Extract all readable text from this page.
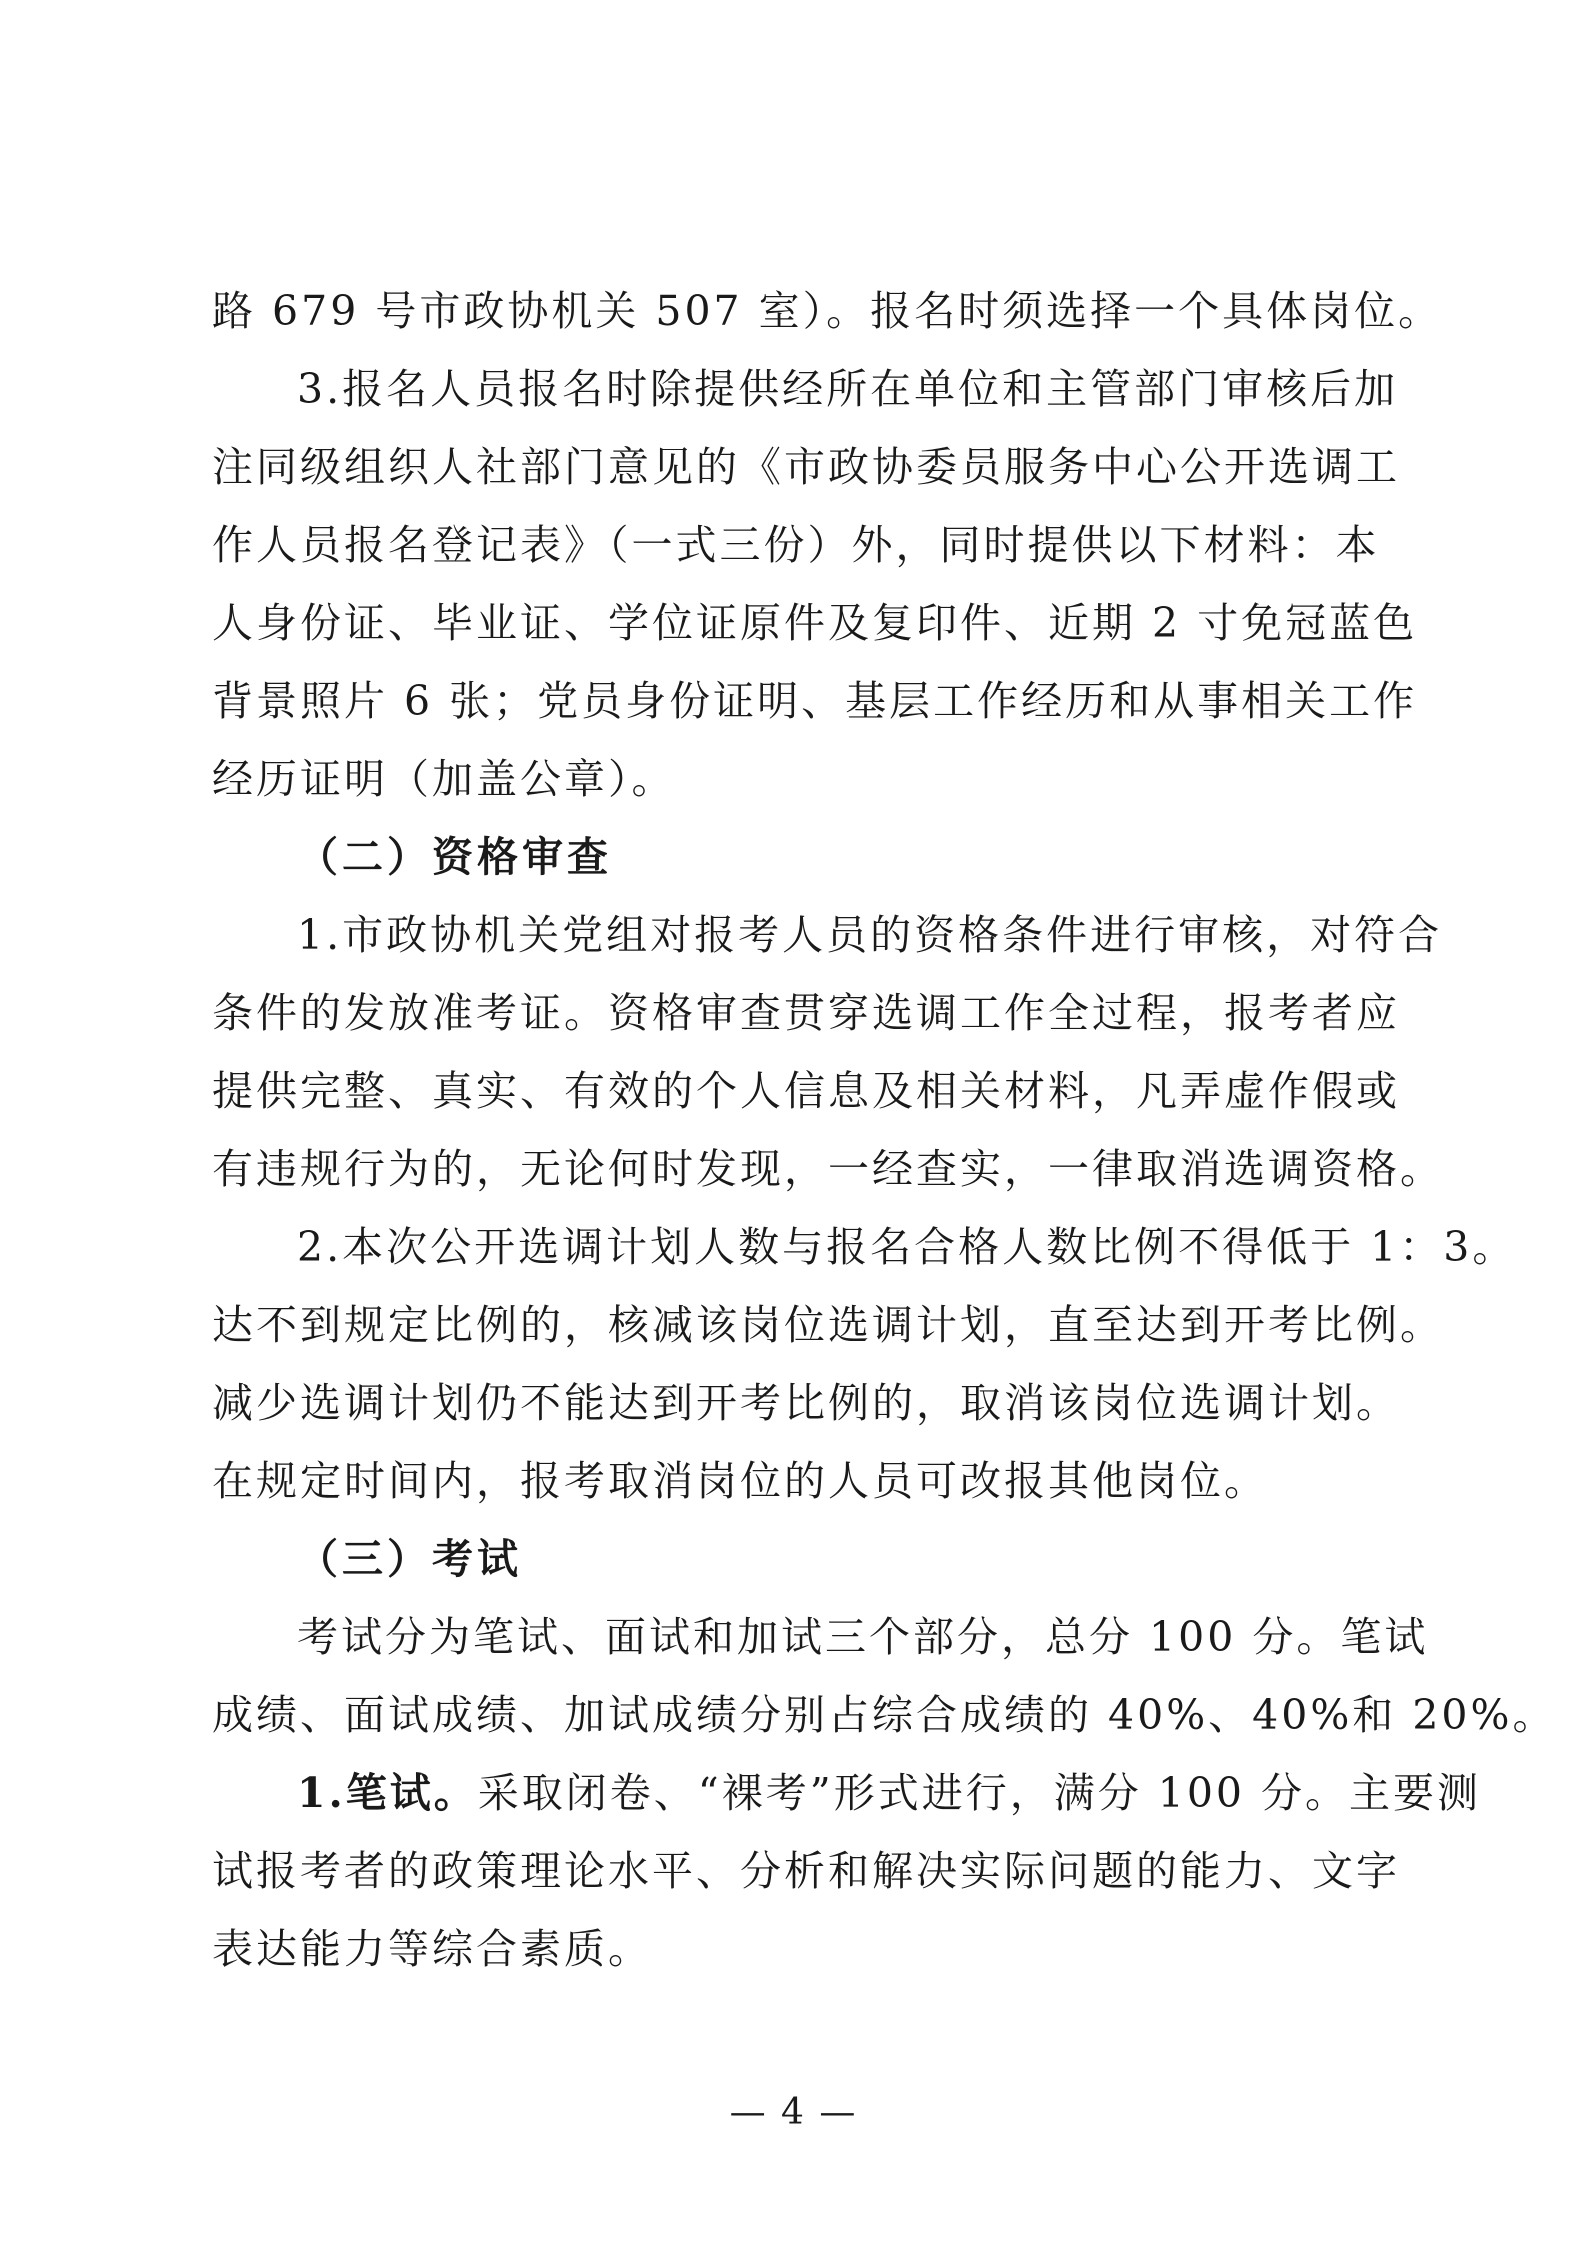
路 679 号市政协机关 507 室）。报名时须选择一个具体岗位。
3.报名人员报名时除提供经所在单位和主管部门审核后加
注同级组织人社部门意见的《市政协委员服务中心公开选调工
作人员报名登记表》（一式三份）外，同时提供以下材料：本
人身份证、毕业证、学位证原件及复印件、近期 2 寸免冠蓝色
背景照片 6 张；党员身份证明、基层工作经历和从事相关工作
经历证明（加盖公章）。
（二）资格审查
1.市政协机关党组对报考人员的资格条件进行审核，对符合
条件的发放准考证。资格审查贯穿选调工作全过程，报考者应
提供完整、真实、有效的个人信息及相关材料，凡弄虚作假或
有违规行为的，无论何时发现，一经查实，一律取消选调资格。
2.本次公开选调计划人数与报名合格人数比例不得低于 1：3。
达不到规定比例的，核减该岗位选调计划，直至达到开考比例。
减少选调计划仍不能达到开考比例的，取消该岗位选调计划。
在规定时间内，报考取消岗位的人员可改报其他岗位。
（三）考试
考试分为笔试、面试和加试三个部分，总分 100 分。笔试
成绩、面试成绩、加试成绩分别占综合成绩的 40%、40%和 20%。
1.笔试。采取闭卷、“裸考”形式进行，满分 100 分。主要测
试报考者的政策理论水平、分析和解决实际问题的能力、文字
表达能力等综合素质。
— 4 —
